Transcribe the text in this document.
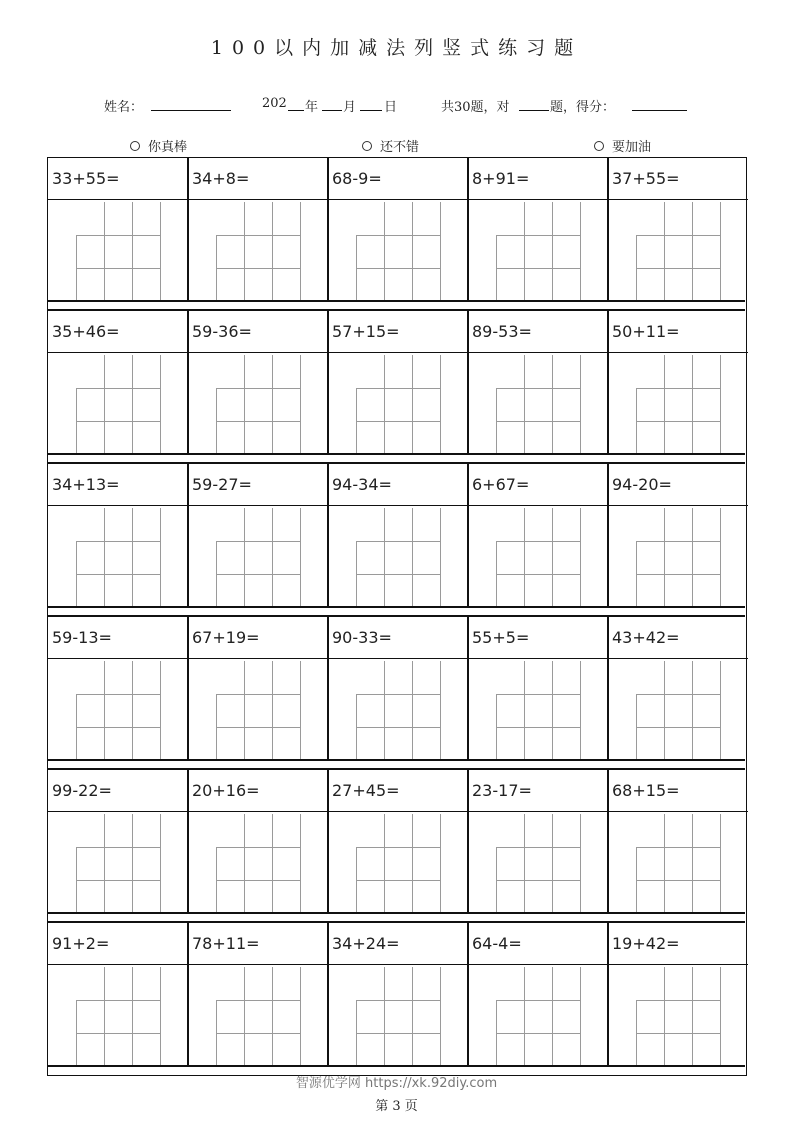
100以内加减法列竖式练习题
姓名：	202 年 月 日	共30题，对	题，得分：
你真棒	还不错	要加油
33+55=	34+8=	68-9=	8+91=	37+55=
35+46=	59-36=	57+15=	89-53=	50+11=
34+13=	59-27=	94-34=	6+67=	94-20=
59-13=	67+19=	90-33=	55+5=	43+42=
99-22=	20+16=	27+45=	23-17=	68+15=
91+2=	78+11=	34+24=	64-4=	19+42=
智源优学网 https://xk.92diy.com
第 3 页
